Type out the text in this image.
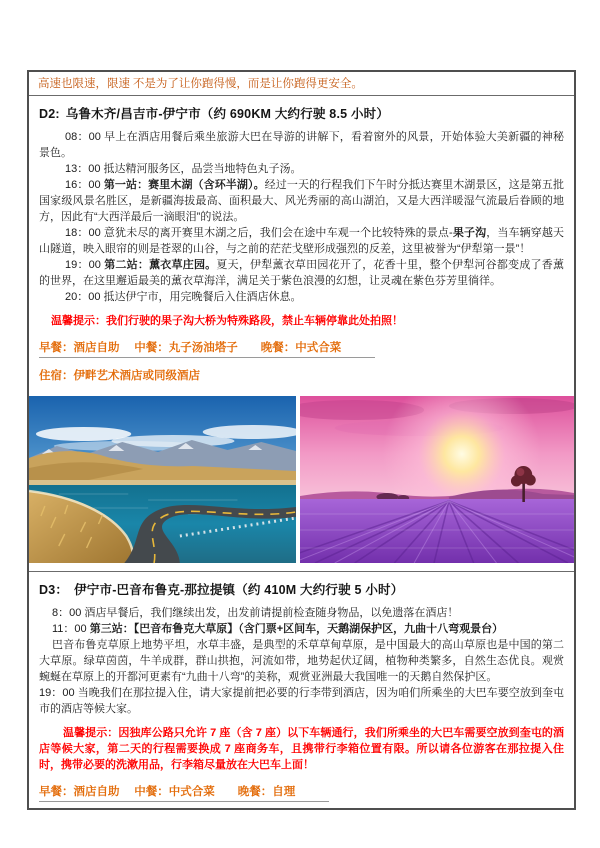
高速也限速，限速 不是为了让你跑得慢，而是让你跑得更安全。
D2: 乌鲁木齐/昌吉市-伊宁市（约 690KM 大约行驶 8.5 小时）

08：00 早上在酒店用餐后乘坐旅游大巴在导游的讲解下，看着窗外的风景，开始体验大美新疆的神秘景色。

13：00 抵达精河服务区，品尝当地特色丸子汤。

16：00 第一站：赛里木湖（含环半湖）。经过一天的行程我们下午时分抵达赛里木湖景区，这是第五批国家级风景名胜区，是新疆海拔最高、面积最大、风光秀丽的高山湖泊，又是大西洋暖湿气流最后眷顾的地方，因此有“大西洋最后一滴眼泪”的说法。

18：00 意犹未尽的离开赛里木湖之后，我们会在途中车观一个比较特殊的景点-果子沟，当车辆穿越天山隧道，映入眼帘的则是苍翠的山谷，与之前的茫茫戈壁形成强烈的反差，这里被誉为“伊犁第一景”！

19：00 第二站：薰衣草庄园。夏天，伊犁薰衣草田园花开了，花香十里，整个伊犁河谷都变成了香薰的世界，在这里邂逅最美的薰衣草海洋，满足关于紫色浪漫的幻想，让灵魂在紫色芬芳里徜徉。

20：00 抵达伊宁市，用完晚餐后入住酒店休息。

温馨提示：我们行驶的果子沟大桥为特殊路段，禁止车辆停靠此处拍照！
早餐：酒店自助　 中餐：丸子汤油塔子　　晚餐：中式合菜
住宿：伊畔艺术酒店或同级酒店
D3： 伊宁市-巴音布鲁克-那拉提镇（约 410M 大约行驶 5 小时）

8：00 酒店早餐后，我们继续出发，出发前请提前检查随身物品，以免遗落在酒店！

11：00 第三站：【巴音布鲁克大草原】（含门票+区间车，天鹅湖保护区，九曲十八弯观景台）

巴音布鲁克草原上地势平坦，水草丰盛，是典型的禾草草甸草原，是中国最大的高山草原也是中国的第二大草原。绿草茵茵，牛羊成群，群山拱抱，河流如带，地势起伏辽阔，植物种类繁多，自然生态优良。观赏蜿蜒在草原上的开都河更素有“九曲十八弯”的美称，观赏亚洲最大我国唯一的天鹅自然保护区。

19：00 当晚我们在那拉提入住，请大家提前把必要的行李带到酒店，因为咱们所乘坐的大巴车要空放到奎屯市的酒店等候大家。

温馨提示：因独库公路只允许 7 座（含 7 座）以下车辆通行，我们所乘坐的大巴车需要空放到奎屯的酒店等候大家，第二天的行程需要换成 7 座商务车，且携带行李箱位置有限。所以请各位游客在那拉提入住时，携带必要的洗漱用品，行李箱尽量放在大巴车上面！
早餐：酒店自助　 中餐：中式合菜　　晚餐：自理
